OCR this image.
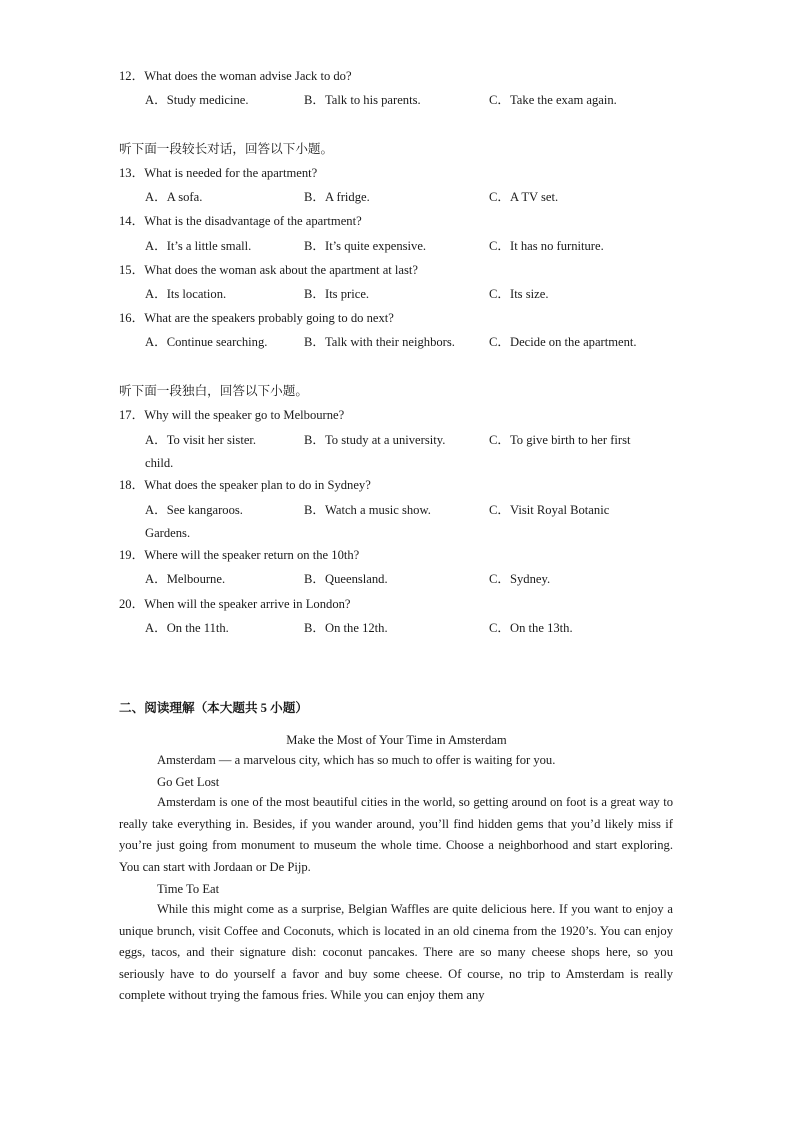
12．What does the woman advise Jack to do?
A．Study medicine.	B．Talk to his parents.	C．Take the exam again.
听下面一段较长对话，回答以下小题。
13．What is needed for the apartment?
A．A sofa.	B．A fridge.	C．A TV set.
14．What is the disadvantage of the apartment?
A．It’s a little small.	B．It’s quite expensive.	C．It has no furniture.
15．What does the woman ask about the apartment at last?
A．Its location.	B．Its price.	C．Its size.
16．What are the speakers probably going to do next?
A．Continue searching.	B．Talk with their neighbors.	C．Decide on the apartment.
听下面一段独白，回答以下小题。
17．Why will the speaker go to Melbourne?
A．To visit her sister.	B．To study at a university.	C．To give birth to her first
child.
18．What does the speaker plan to do in Sydney?
A．See kangaroos.	B．Watch a music show.	C．Visit Royal Botanic
Gardens.
19．Where will the speaker return on the 10th?
A．Melbourne.	B．Queensland.	C．Sydney.
20．When will the speaker arrive in London?
A．On the 11th.	B．On the 12th.	C．On the 13th.
二、阅读理解（本大题共 5 小题）
Make the Most of Your Time in Amsterdam
Amsterdam — a marvelous city, which has so much to offer is waiting for you.
Go Get Lost

Amsterdam is one of the most beautiful cities in the world, so getting around on foot is a great way to really take everything in. Besides, if you wander around, you’ll find hidden gems that you’d likely miss if you’re just going from monument to museum the whole time. Choose a neighborhood and start exploring. You can start with Jordaan or De Pijp.

Time To Eat

While this might come as a surprise, Belgian Waffles are quite delicious here. If you want to enjoy a unique brunch, visit Coffee and Coconuts, which is located in an old cinema from the 1920’s. You can enjoy eggs, tacos, and their signature dish: coconut pancakes. There are so many cheese shops here, so you seriously have to do yourself a favor and buy some cheese. Of course, no trip to Amsterdam is really complete without trying the famous fries. While you can enjoy them any
